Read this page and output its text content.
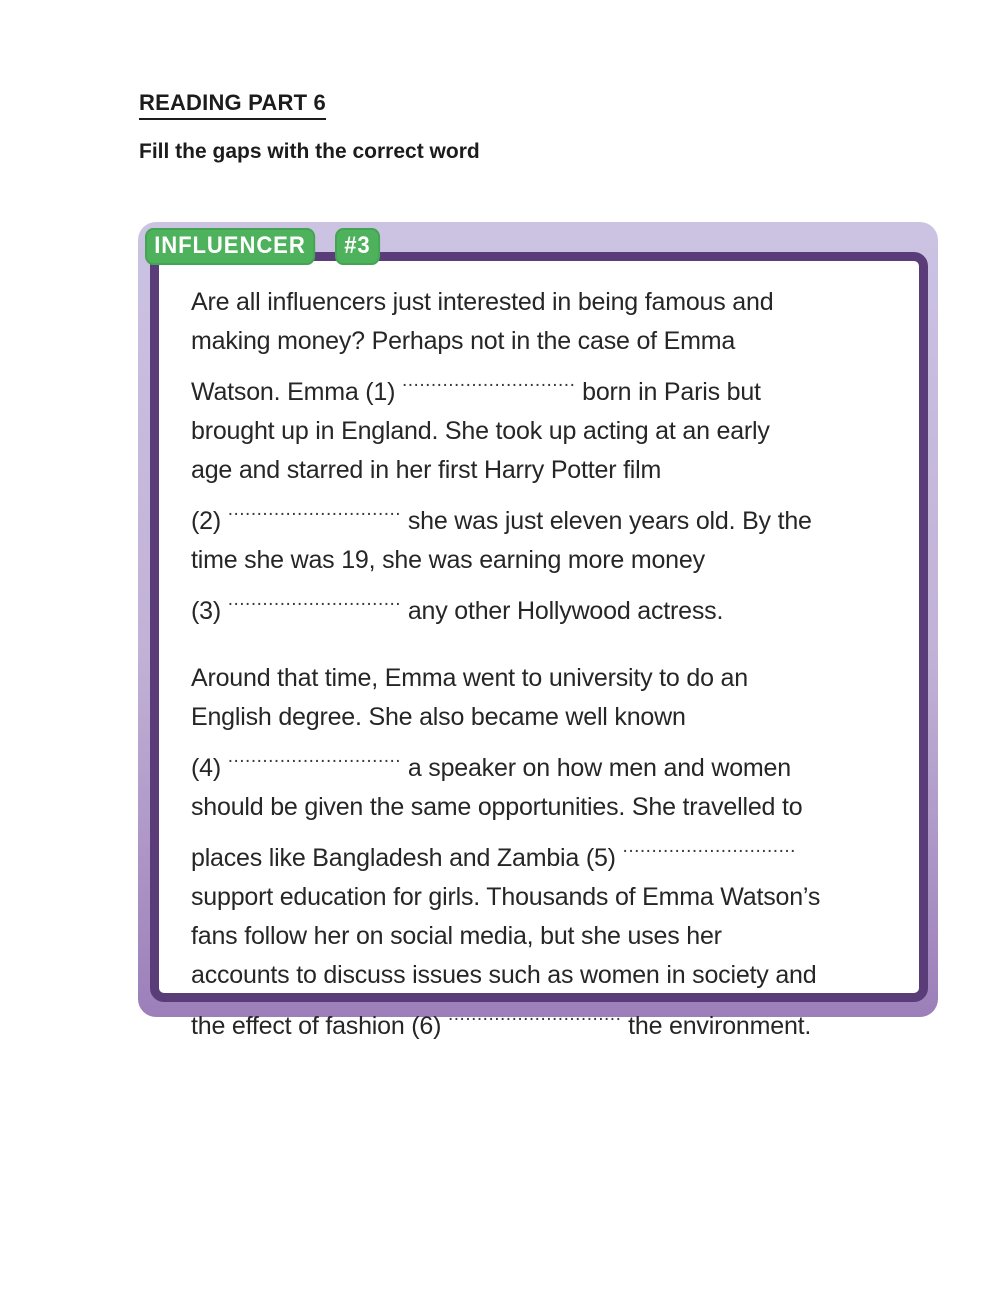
READING PART 6
Fill the gaps with the correct word
INFLUENCER	#3
Are all influencers just interested in being famous and
making money? Perhaps not in the case of Emma
Watson. Emma (1) .............................. born in Paris but
brought up in England. She took up acting at an early
age and starred in her first Harry Potter film
(2) .............................. she was just eleven years old. By the
time she was 19, she was earning more money
(3) .............................. any other Hollywood actress.
Around that time, Emma went to university to do an
English degree. She also became well known
(4) .............................. a speaker on how men and women
should be given the same opportunities. She travelled to
places like Bangladesh and Zambia (5) ..............................
support education for girls. Thousands of Emma Watson’s
fans follow her on social media, but she uses her
accounts to discuss issues such as women in society and
the effect of fashion (6) .............................. the environment.
